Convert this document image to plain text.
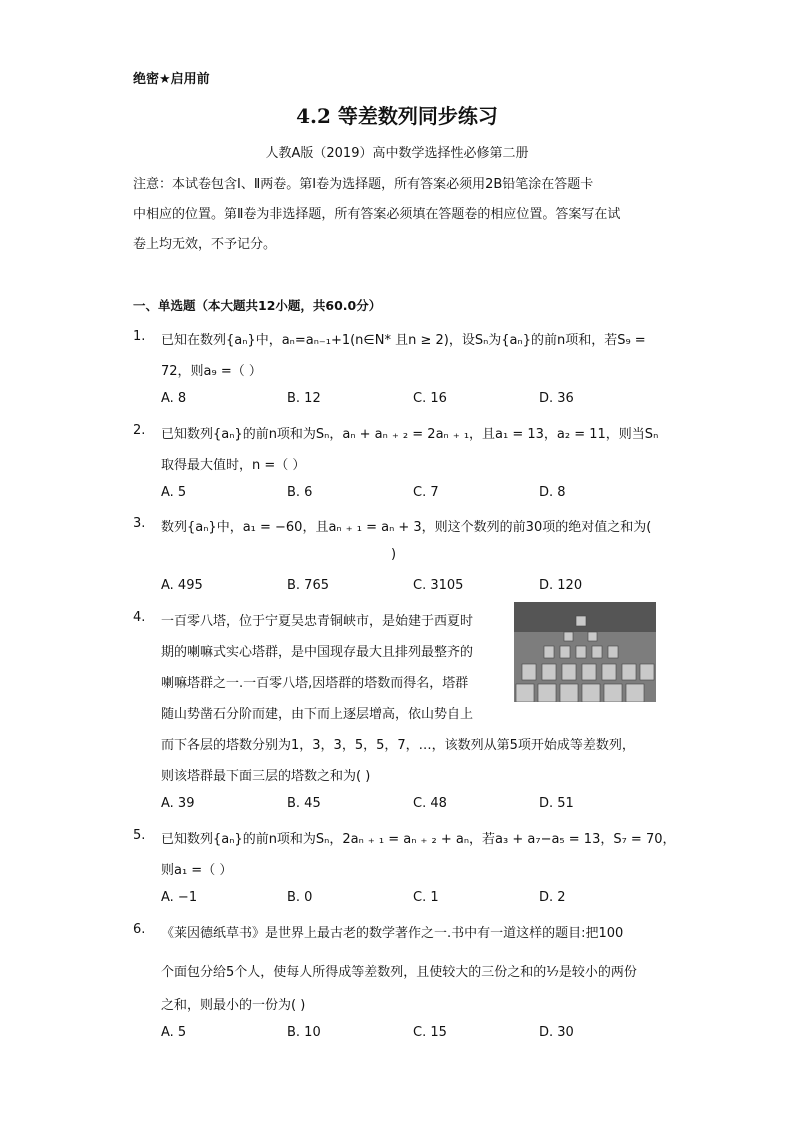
绝密★启用前
4.2 等差数列同步练习
人教A版（2019）高中数学选择性必修第二册
注意：本试卷包含Ⅰ、Ⅱ两卷。第Ⅰ卷为选择题，所有答案必须用2B铅笔涂在答题卡
中相应的位置。第Ⅱ卷为非选择题，所有答案必须填在答题卷的相应位置。答案写在试
卷上均无效，不予记分。
一、单选题（本大题共12小题，共60.0分）
1.	已知在数列{aₙ}中，aₙ=aₙ₋₁+1(n∈N* 且n ≥ 2)，设Sₙ为{aₙ}的前n项和，若S₉ =
72，则a₉ =（ ）
A. 8	B. 12	C. 16	D. 36
2.	已知数列{aₙ}的前n项和为Sₙ，aₙ + aₙ ₊ ₂ = 2aₙ ₊ ₁，且a₁ = 13，a₂ = 11，则当Sₙ
取得最大值时，n =（ ）
A. 5	B. 6	C. 7	D. 8
3.	数列{aₙ}中，a₁ = −60，且aₙ ₊ ₁ = aₙ + 3，则这个数列的前30项的绝对值之和为(
)
A. 495	B. 765	C. 3105	D. 120
4.	一百零八塔，位于宁夏吴忠青铜峡市，是始建于西夏时
期的喇嘛式实心塔群，是中国现存最大且排列最整齐的
喇嘛塔群之一.一百零八塔,因塔群的塔数而得名，塔群
随山势凿石分阶而建，由下而上逐层增高，依山势自上
而下各层的塔数分别为1，3，3，5，5，7，…，该数列从第5项开始成等差数列，
则该塔群最下面三层的塔数之和为( )
A. 39	B. 45	C. 48	D. 51
5.	已知数列{aₙ}的前n项和为Sₙ，2aₙ ₊ ₁ = aₙ ₊ ₂ + aₙ，若a₃ + a₇−a₅ = 13，S₇ = 70，
则a₁ =（ ）
A. −1	B. 0	C. 1	D. 2
6.	《莱因德纸草书》是世界上最古老的数学著作之一.书中有一道这样的题目:把100
个面包分给5个人，使每人所得成等差数列，且使较大的三份之和的⅐是较小的两份
之和，则最小的一份为( )
A. 5	B. 10	C. 15	D. 30
